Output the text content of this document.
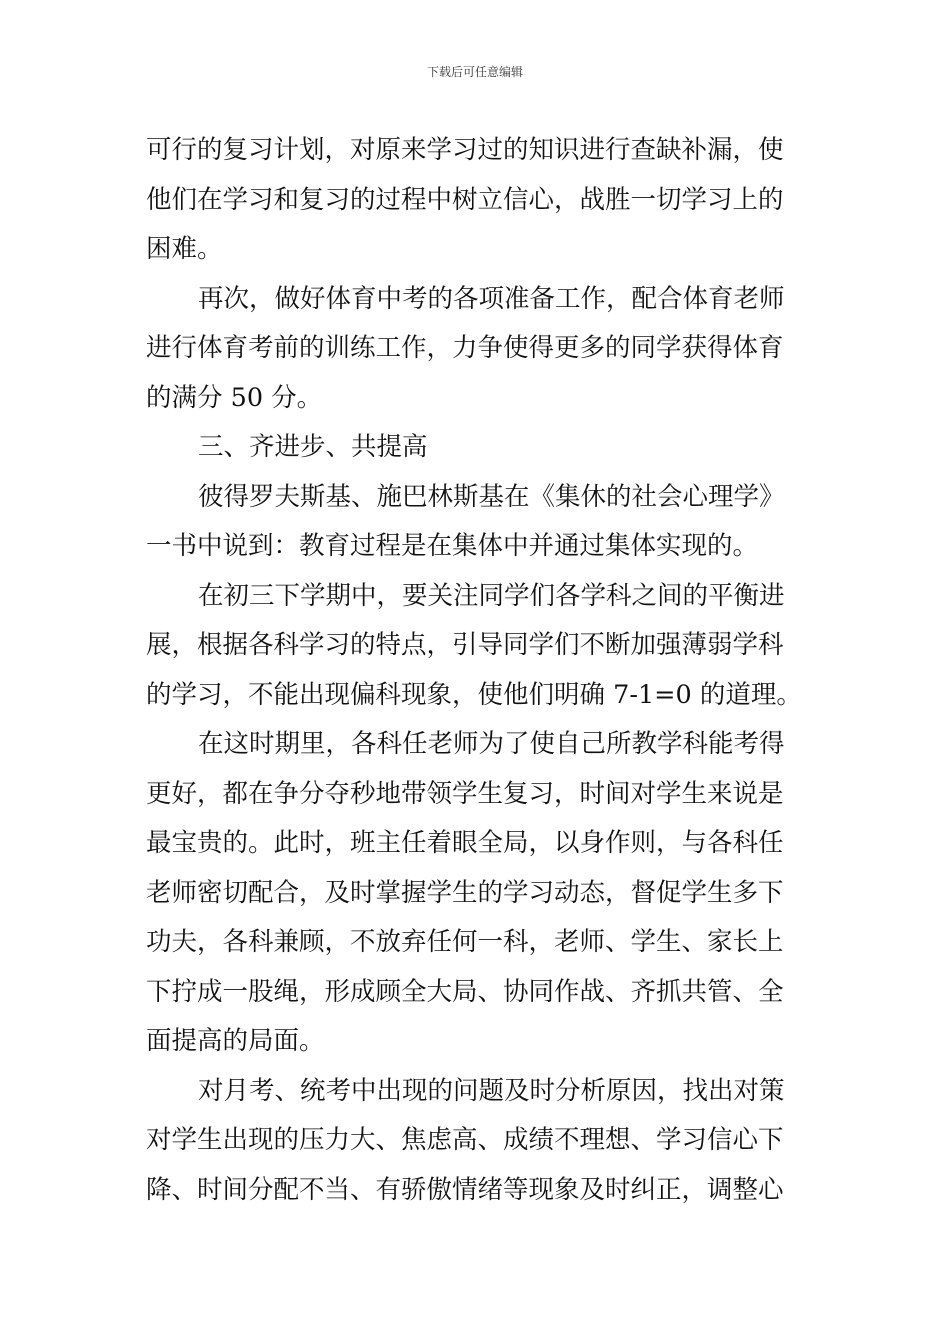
下载后可任意编辑
可行的复习计划，对原来学习过的知识进行查缺补漏，使
他们在学习和复习的过程中树立信心，战胜一切学习上的
困难。
再次，做好体育中考的各项准备工作，配合体育老师
进行体育考前的训练工作，力争使得更多的同学获得体育
的满分 50 分。
三、齐进步、共提高
彼得罗夫斯基、施巴林斯基在《集休的社会心理学》
一书中说到：教育过程是在集体中并通过集体实现的。
在初三下学期中，要关注同学们各学科之间的平衡进
展，根据各科学习的特点，引导同学们不断加强薄弱学科
的学习，不能出现偏科现象，使他们明确 7-1=0 的道理。
在这时期里，各科任老师为了使自己所教学科能考得
更好，都在争分夺秒地带领学生复习，时间对学生来说是
最宝贵的。此时，班主任着眼全局，以身作则，与各科任
老师密切配合，及时掌握学生的学习动态，督促学生多下
功夫，各科兼顾，不放弃任何一科，老师、学生、家长上
下拧成一股绳，形成顾全大局、协同作战、齐抓共管、全
面提高的局面。
对月考、统考中出现的问题及时分析原因，找出对策
对学生出现的压力大、焦虑高、成绩不理想、学习信心下
降、时间分配不当、有骄傲情绪等现象及时纠正，调整心
